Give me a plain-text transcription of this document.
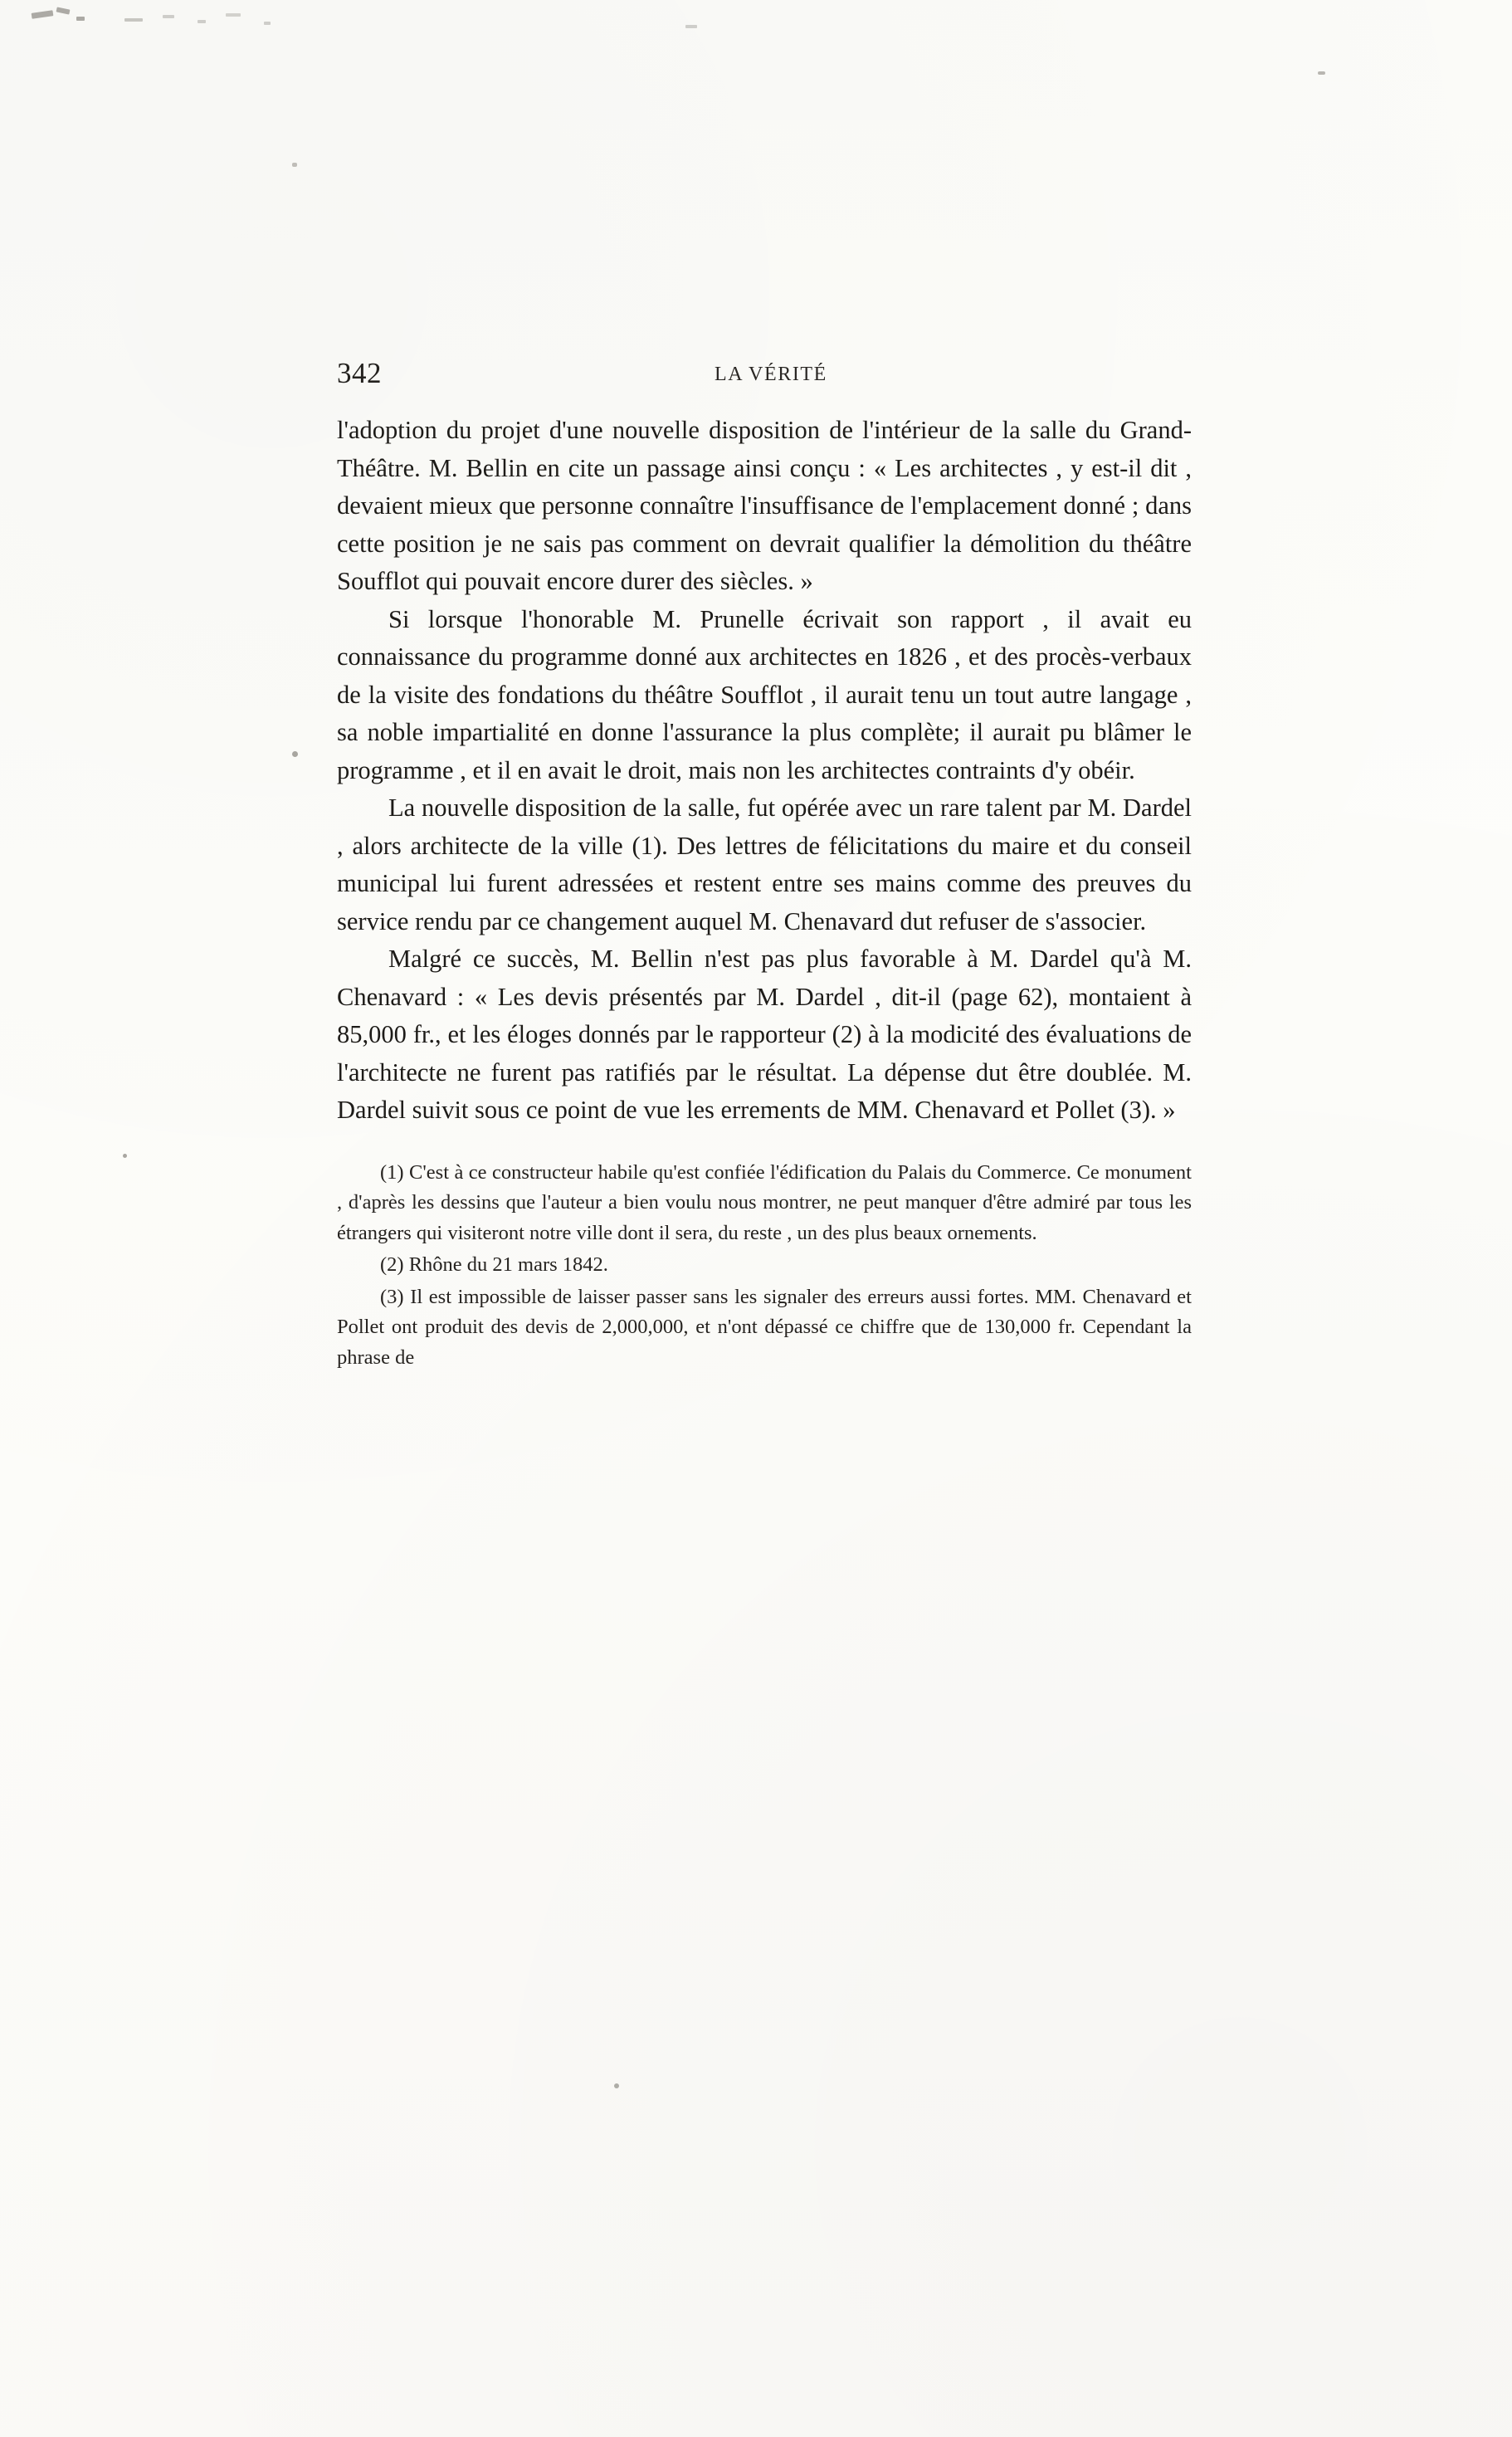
342	LA VÉRITÉ

l'adoption du projet d'une nouvelle disposition de l'intérieur de la salle du Grand-Théâtre. M. Bellin en cite un passage ainsi conçu : « Les architectes , y est-il dit , devaient mieux que personne connaître l'insuffisance de l'emplacement donné ; dans cette position je ne sais pas comment on devrait qualifier la démolition du théâtre Soufflot qui pouvait encore durer des siècles. »

Si lorsque l'honorable M. Prunelle écrivait son rapport , il avait eu connaissance du programme donné aux architectes en 1826 , et des procès-verbaux de la visite des fondations du théâtre Soufflot , il aurait tenu un tout autre langage , sa noble impartialité en donne l'assurance la plus complète; il aurait pu blâmer le programme , et il en avait le droit, mais non les architectes contraints d'y obéir.

La nouvelle disposition de la salle, fut opérée avec un rare talent par M. Dardel , alors architecte de la ville (1). Des lettres de félicitations du maire et du conseil municipal lui furent adressées et restent entre ses mains comme des preuves du service rendu par ce changement auquel M. Chenavard dut refuser de s'associer.

Malgré ce succès, M. Bellin n'est pas plus favorable à M. Dardel qu'à M. Chenavard : « Les devis présentés par M. Dardel , dit-il (page 62), montaient à 85,000 fr., et les éloges donnés par le rapporteur (2) à la modicité des évaluations de l'architecte ne furent pas ratifiés par le résultat. La dépense dut être doublée. M. Dardel suivit sous ce point de vue les errements de MM. Chenavard et Pollet (3). »

(1) C'est à ce constructeur habile qu'est confiée l'édification du Palais du Commerce. Ce monument , d'après les dessins que l'auteur a bien voulu nous montrer, ne peut manquer d'être admiré par tous les étrangers qui visiteront notre ville dont il sera, du reste , un des plus beaux ornements.

(2) Rhône du 21 mars 1842.

(3) Il est impossible de laisser passer sans les signaler des erreurs aussi fortes. MM. Chenavard et Pollet ont produit des devis de 2,000,000, et n'ont dépassé ce chiffre que de 130,000 fr. Cependant la phrase de
